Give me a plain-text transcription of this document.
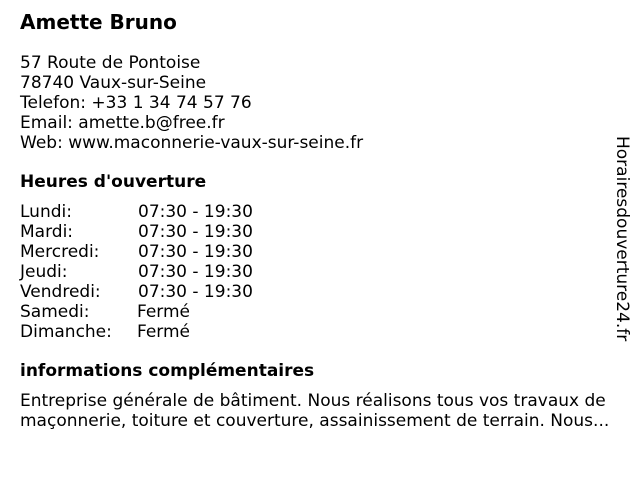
Amette Bruno
57 Route de Pontoise
78740 Vaux-sur-Seine
Telefon: +33 1 34 74 57 76
Email: amette.b@free.fr
Web: www.maconnerie-vaux-sur-seine.fr
Heures d'ouverture
Lundi:	07:30 - 19:30
Mardi:	07:30 - 19:30
Mercredi:	07:30 - 19:30
Jeudi:	07:30 - 19:30
Vendredi:	07:30 - 19:30
Samedi:	Fermé
Dimanche:	Fermé
informations complémentaires
Entreprise générale de bâtiment. Nous réalisons tous vos travaux de
maçonnerie, toiture et couverture, assainissement de terrain. Nous...
Horairesdouverture24.fr
